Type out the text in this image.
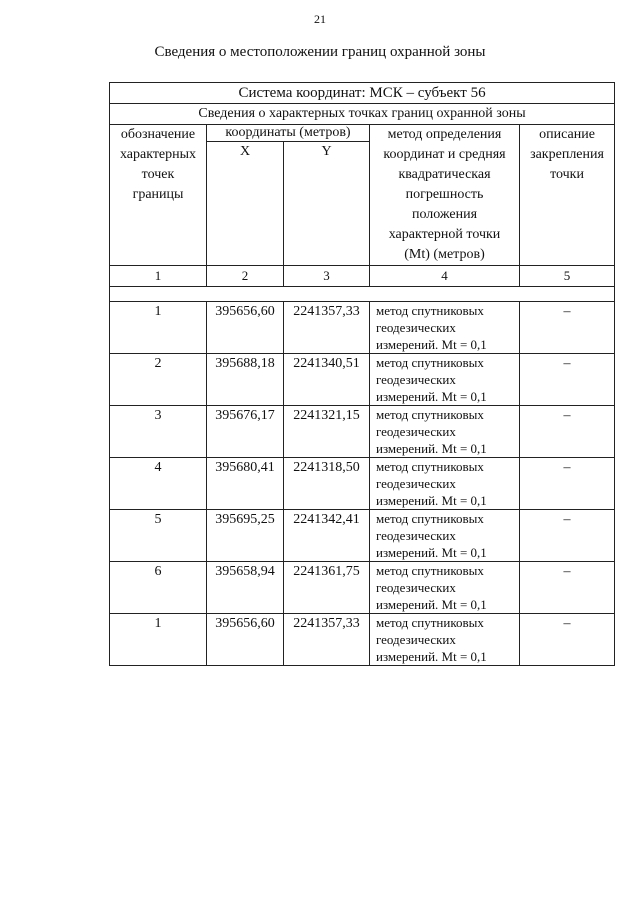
21
Сведения о местоположении границ охранной зоны
Система координат: МСК – субъект 56				
Сведения о характерных точках границ охранной зоны				
обозначение характерных точек границы	координаты (метров)		метод определения координат и средняя квадратическая погрешность положения характерной точки (Mt) (метров)	описание закрепления точки
	X	Y		
1	2	3	4	5

1	395656,60	2241357,33	метод спутниковых геодезических измерений. Mt = 0,1	–
2	395688,18	2241340,51	метод спутниковых геодезических измерений. Mt = 0,1	–
3	395676,17	2241321,15	метод спутниковых геодезических измерений. Mt = 0,1	–
4	395680,41	2241318,50	метод спутниковых геодезических измерений. Mt = 0,1	–
5	395695,25	2241342,41	метод спутниковых геодезических измерений. Mt = 0,1	–
6	395658,94	2241361,75	метод спутниковых геодезических измерений. Mt = 0,1	–
1	395656,60	2241357,33	метод спутниковых геодезических измерений. Mt = 0,1	–
